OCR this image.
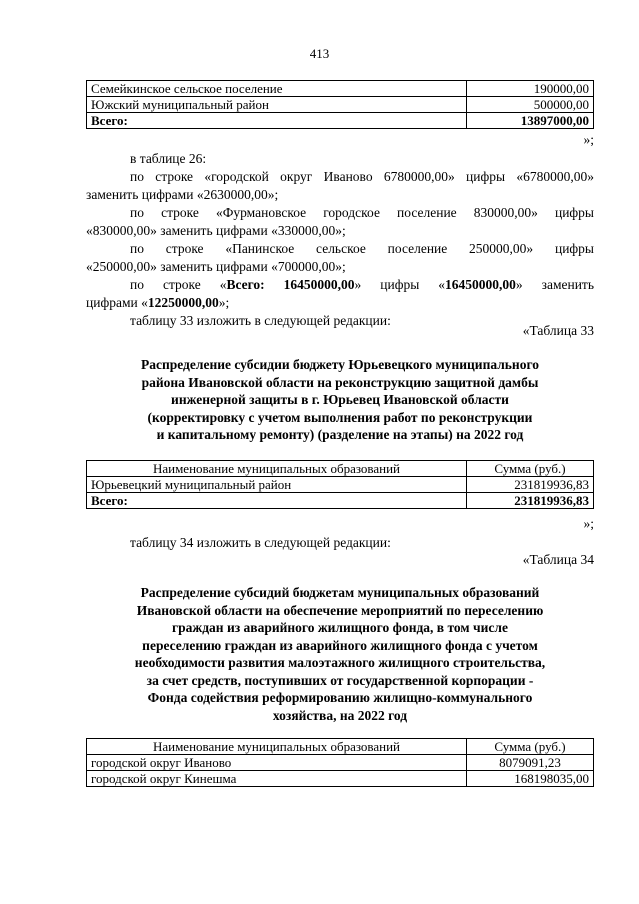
413
Семейкинское сельское поселение	190000,00
Южский муниципальный район	500000,00
Всего:	13897000,00
»;
в таблице 26:
по строке «городской округ Иваново 6780000,00» цифры «6780000,00»
заменить цифрами «2630000,00»;
по строке «Фурмановское городское поселение 830000,00» цифры
«830000,00» заменить цифрами «330000,00»;
по строке «Панинское сельское поселение 250000,00» цифры
«250000,00» заменить цифрами «700000,00»;
по строке «Всего: 16450000,00» цифры «16450000,00» заменить
цифрами «12250000,00»;
таблицу 33 изложить в следующей редакции:
«Таблица 33
Распределение субсидии бюджету Юрьевецкого муниципального
района Ивановской области на реконструкцию защитной дамбы
инженерной защиты в г. Юрьевец Ивановской области
(корректировку с учетом выполнения работ по реконструкции
и капитальному ремонту) (разделение на этапы) на 2022 год
Наименование муниципальных образований	Сумма (руб.)
Юрьевецкий муниципальный район	231819936,83
Всего:	231819936,83
»;
таблицу 34 изложить в следующей редакции:
«Таблица 34
Распределение субсидий бюджетам муниципальных образований
Ивановской области на обеспечение мероприятий по переселению
граждан из аварийного жилищного фонда, в том числе
переселению граждан из аварийного жилищного фонда с учетом
необходимости развития малоэтажного жилищного строительства,
за счет средств, поступивших от государственной корпорации -
Фонда содействия реформированию жилищно-коммунального
хозяйства, на 2022 год
Наименование муниципальных образований	Сумма (руб.)
городской округ Иваново	8079091,23
городской округ Кинешма	168198035,00
